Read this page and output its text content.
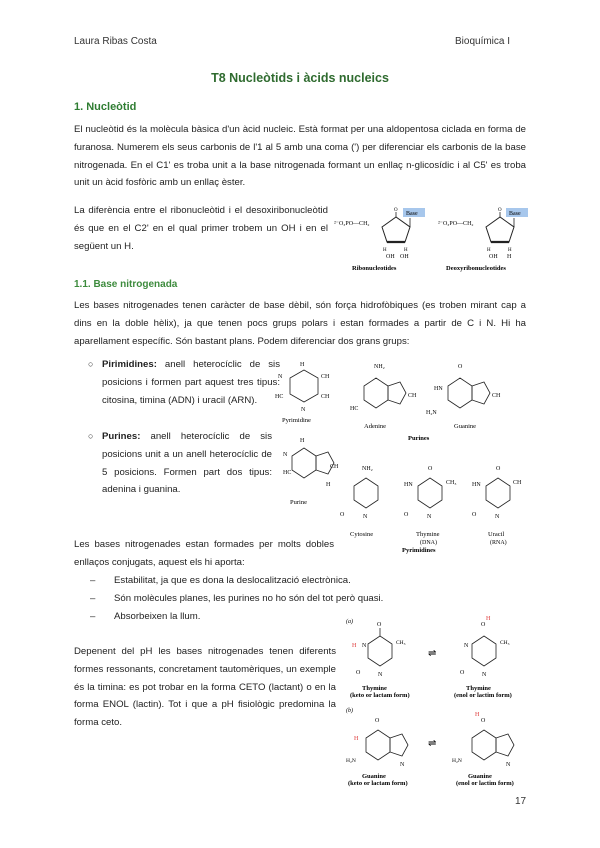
Laura Ribas Costa	Bioquímica I
T8 Nucleòtids i àcids nucleics
1. Nucleòtid
El nucleòtid és la molècula bàsica d'un àcid nucleic. Està format per una aldopentosa ciclada en forma de furanosa. Numerem els seus carbonis de l'1 al 5 amb una coma (') per diferenciar els carbonis de la base nitrogenada. En el C1' es troba unit a la base nitrogenada formant un enllaç n-glicosídic i al C5' es troba unit un àcid fosfòric amb un enllaç èster.
La diferència entre el ribonucleòtid i el desoxiribonucleòtid és que en el C2' en el qual primer trobem un OH i en el següent un H.
²⁻O₃PO—CH₂
O
Base
H	H
OH OH
Ribonucleotides
²⁻O₃PO—CH₂
O
Base
H	H
OH H
Deoxyribonucleotides
1.1. Base nitrogenada
Les bases nitrogenades tenen caràcter de base dèbil, són força hidrofòbiques (es troben mirant cap a dins en la doble hèlix), ja que tenen pocs grups polars i estan formades a partir de C i N. Hi ha aparellament específic. Són bastant plans. Podem diferenciar dos grans grups:
○ Pirimidines: anell heterocíclic de sis posicions i formen part aquest tres tipus: citosina, timina (ADN) i uracil (ARN).
○ Purines: anell heterocíclic de sis posicions unit a un anell heterocíclic de 5 posicions. Formen part dos tipus: adenina i guanina.
H
N	CH
CH
HC
N
Pyrimidine
H
N
CH
HC
H
Purine
NH₂
HC
CH
Adenine
O
HN
CH
H₂N
Guanine
Purines
NH₂
O	N
Cytosine
O
CH₃
HN
O	N
Thymine
(DNA)
O
HN	CH
O	N
Uracil
(RNA)
Pyrimidines
Les bases nitrogenades estan formades per molts dobles enllaços conjugats, aquest els hi aporta:
– Estabilitat, ja que es dona la deslocalització electrònica.
– Són molècules planes, les purines no ho són del tot però quasi.
– Absorbeixen la llum.
Depenent del pH les bases nitrogenades tenen diferents formes ressonants, concretament tautomèriques, un exemple és la timina: es pot trobar en la forma CETO (lactant) o en la forma ENOL (lactin). Tot i que a pH fisiològic predomina la forma ceto.
(a)	O
CH₃
H N
O	N
Thymine
(keto or lactam form)
⇌
O
H
CH₃
N
O	N
Thymine
(enol or lactim form)
(b)
O
H
H₂N
N
Guanine
(keto or lactam form)
⇌
O
H
H₂N
N
Guanine
(enol or lactim form)
17
